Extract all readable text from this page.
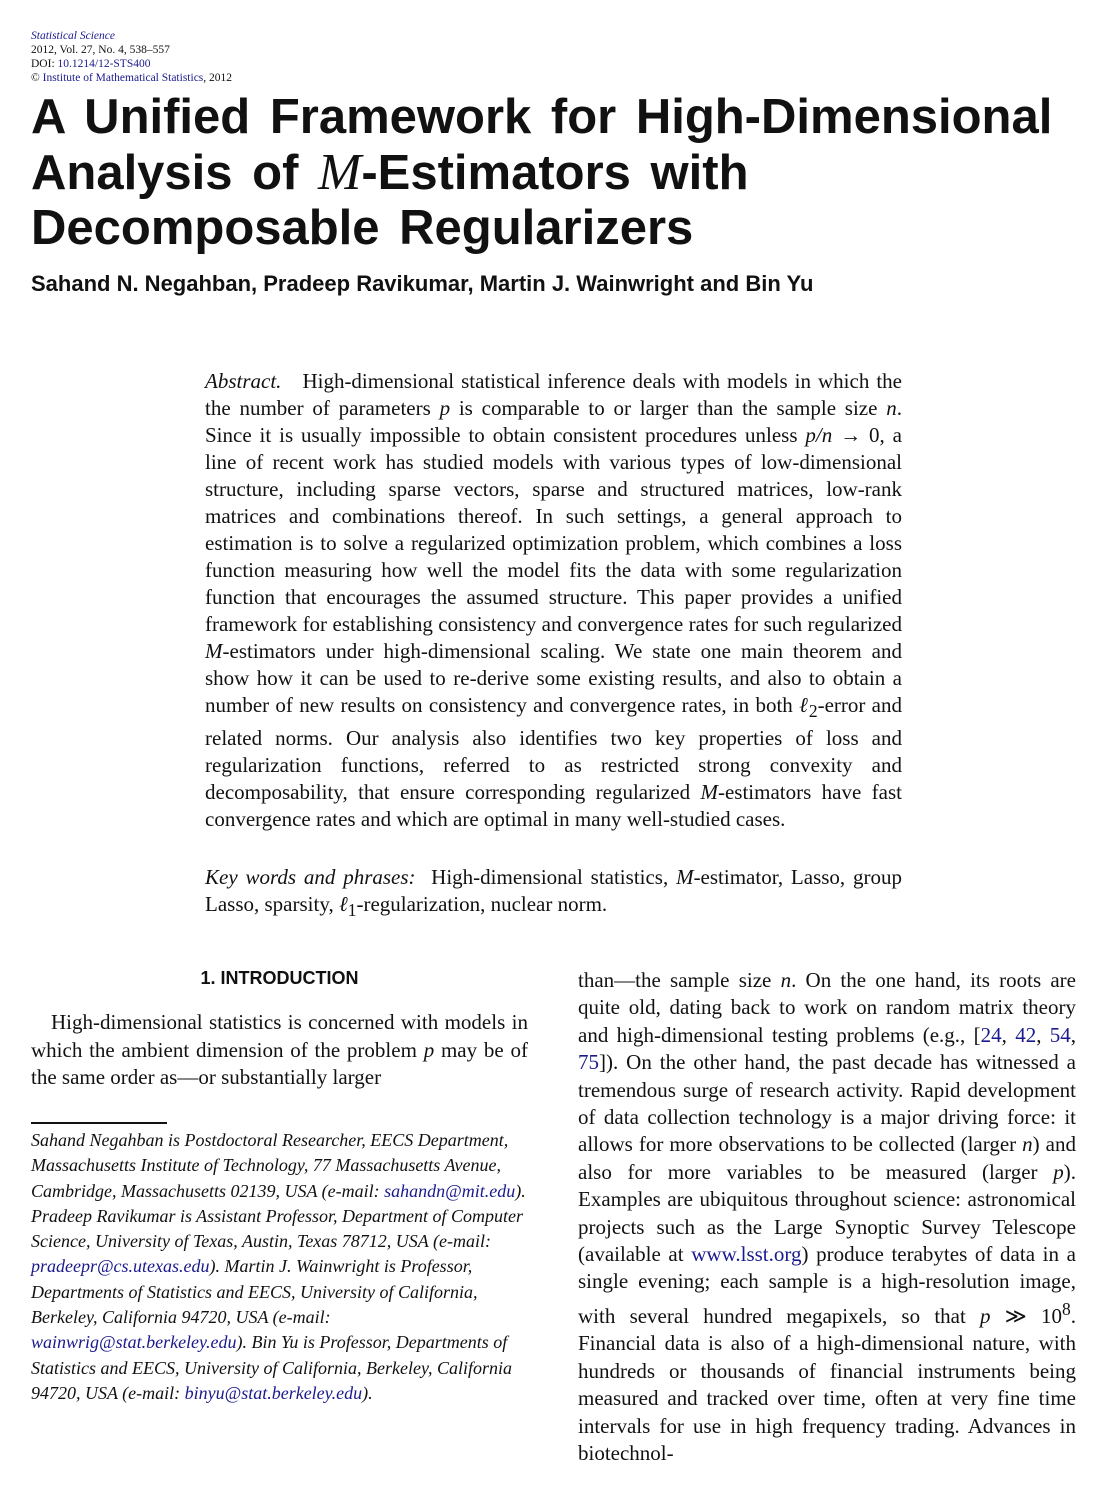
Statistical Science
2012, Vol. 27, No. 4, 538–557
DOI: 10.1214/12-STS400
© Institute of Mathematical Statistics, 2012
A Unified Framework for High-Dimensional
Analysis of M-Estimators with
Decomposable Regularizers
Sahand N. Negahban, Pradeep Ravikumar, Martin J. Wainwright and Bin Yu

Abstract. High-dimensional statistical inference deals with models in which the the number of parameters p is comparable to or larger than the sample size n. Since it is usually impossible to obtain consistent procedures unless p/n → 0, a line of recent work has studied models with various types of low-dimensional structure, including sparse vectors, sparse and structured matrices, low-rank matrices and combinations thereof. In such settings, a general approach to estimation is to solve a regularized optimization problem, which combines a loss function measuring how well the model fits the data with some regularization function that encourages the assumed structure. This paper provides a unified framework for establishing consistency and convergence rates for such regularized M-estimators under high-dimensional scaling. We state one main theorem and show how it can be used to re-derive some existing results, and also to obtain a number of new results on consistency and convergence rates, in both ℓ$_2$-error and related norms. Our analysis also identifies two key properties of loss and regularization functions, referred to as restricted strong convexity and decomposability, that ensure corresponding regularized M-estimators have fast convergence rates and which are optimal in many well-studied cases.

Key words and phrases:  High-dimensional statistics, M-estimator, Lasso, group Lasso, sparsity, ℓ$_1$-regularization, nuclear norm.

1. INTRODUCTION

High-dimensional statistics is concerned with models in which the ambient dimension of the problem p may be of the same order as—or substantially larger

Sahand Negahban is Postdoctoral Researcher, EECS Department, Massachusetts Institute of Technology, 77 Massachusetts Avenue, Cambridge, Massachusetts 02139, USA (e-mail: sahandn@mit.edu). Pradeep Ravikumar is Assistant Professor, Department of Computer Science, University of Texas, Austin, Texas 78712, USA (e-mail: pradeepr@cs.utexas.edu). Martin J. Wainwright is Professor, Departments of Statistics and EECS, University of California, Berkeley, California 94720, USA (e-mail: wainwrig@stat.berkeley.edu). Bin Yu is Professor, Departments of Statistics and EECS, University of California, Berkeley, California 94720, USA (e-mail: binyu@stat.berkeley.edu).

than—the sample size n. On the one hand, its roots are quite old, dating back to work on random matrix theory and high-dimensional testing problems (e.g., [24, 42, 54, 75]). On the other hand, the past decade has witnessed a tremendous surge of research activity. Rapid development of data collection technology is a major driving force: it allows for more observations to be collected (larger n) and also for more variables to be measured (larger p). Examples are ubiquitous throughout science: astronomical projects such as the Large Synoptic Survey Telescope (available at www.lsst.org) produce terabytes of data in a single evening; each sample is a high-resolution image, with several hundred megapixels, so that p ≫ $10^8$. Financial data is also of a high-dimensional nature, with hundreds or thousands of financial instruments being measured and tracked over time, often at very fine time intervals for use in high frequency trading. Advances in biotechnol-
